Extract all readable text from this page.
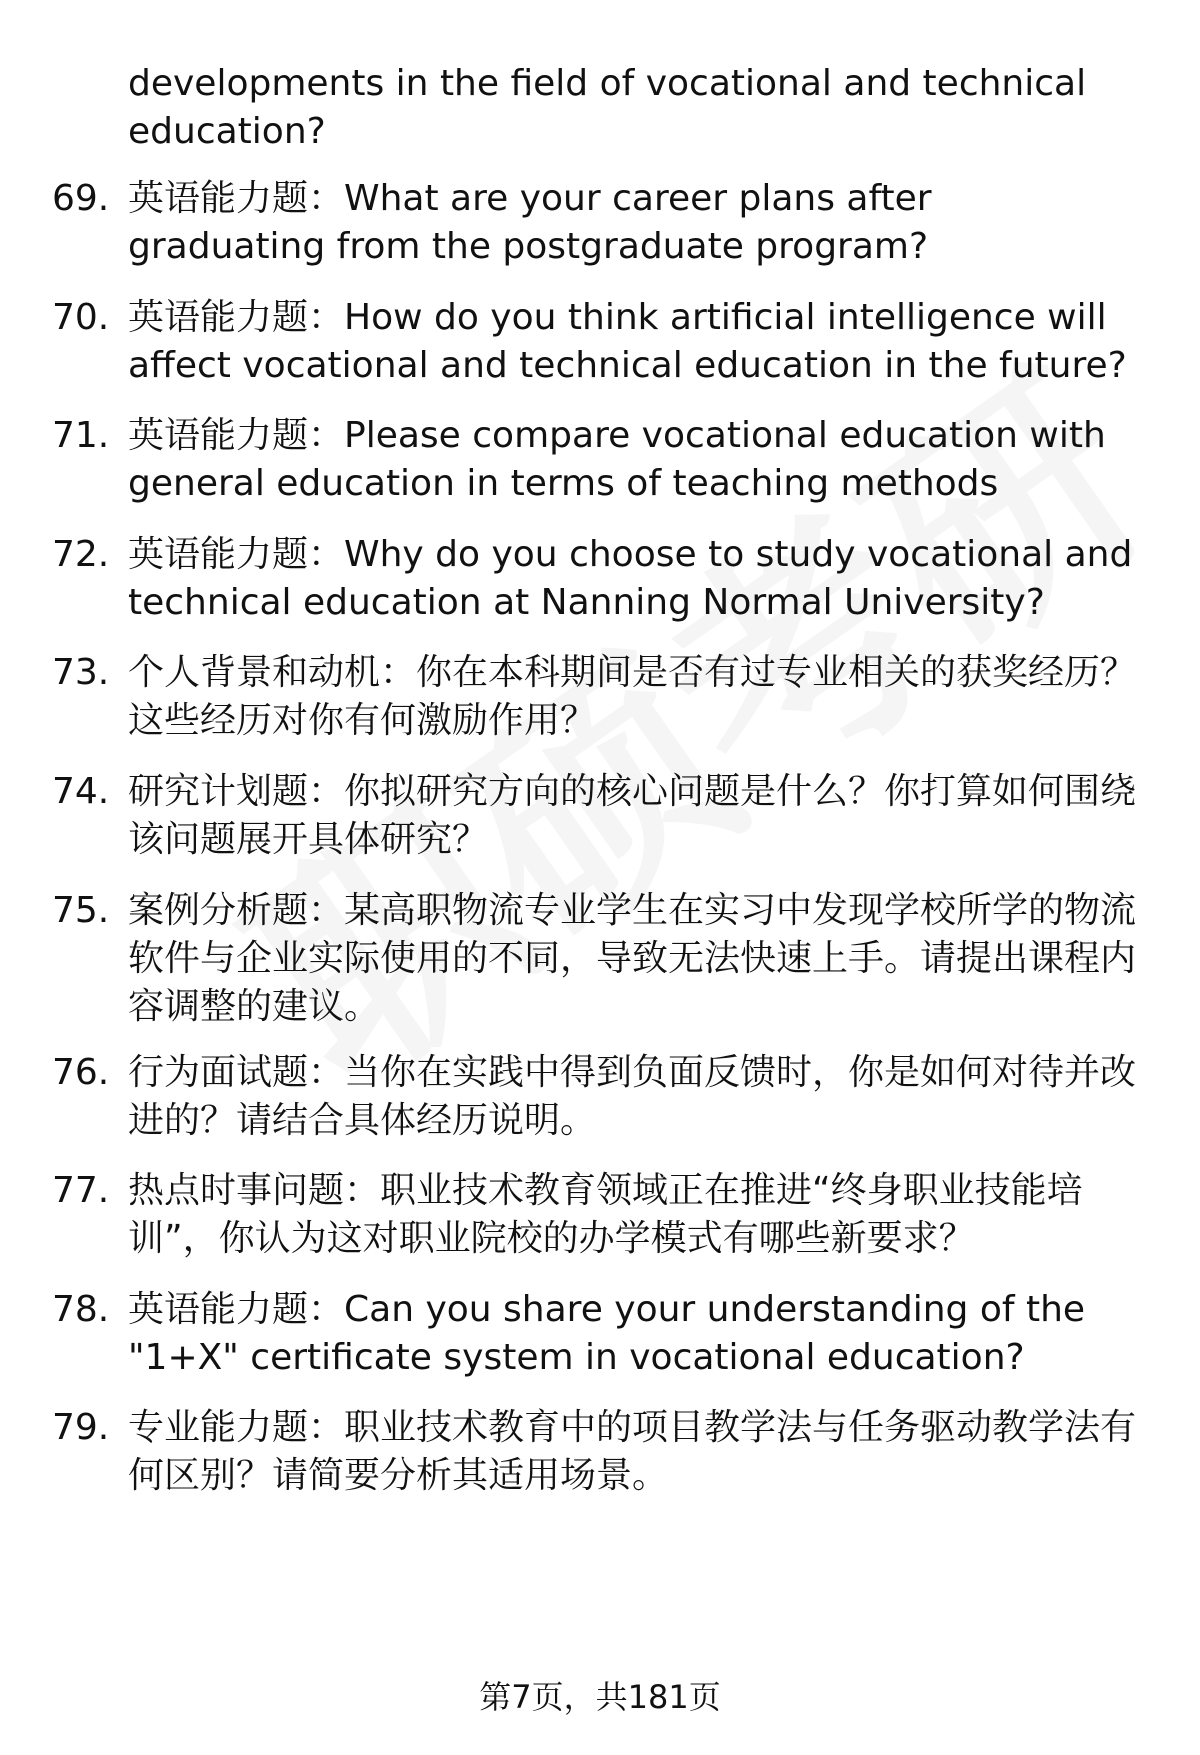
developments in the field of vocational and technical education?
69. 英语能力题：What are your career plans after graduating from the postgraduate program?
70. 英语能力题：How do you think artificial intelligence will affect vocational and technical education in the future?
71. 英语能力题：Please compare vocational education with general education in terms of teaching methods
72. 英语能力题：Why do you choose to study vocational and technical education at Nanning Normal University?
73. 个人背景和动机：你在本科期间是否有过专业相关的获奖经历？这些经历对你有何激励作用？
74. 研究计划题：你拟研究方向的核心问题是什么？你打算如何围绕该问题展开具体研究？
75. 案例分析题：某高职物流专业学生在实习中发现学校所学的物流软件与企业实际使用的不同，导致无法快速上手。请提出课程内容调整的建议。
76. 行为面试题：当你在实践中得到负面反馈时，你是如何对待并改进的？请结合具体经历说明。
77. 热点时事问题：职业技术教育领域正在推进“终身职业技能培训”，你认为这对职业院校的办学模式有哪些新要求？
78. 英语能力题：Can you share your understanding of the "1+X" certificate system in vocational education?
79. 专业能力题：职业技术教育中的项目教学法与任务驱动教学法有何区别？请简要分析其适用场景。
第7页，共181页
